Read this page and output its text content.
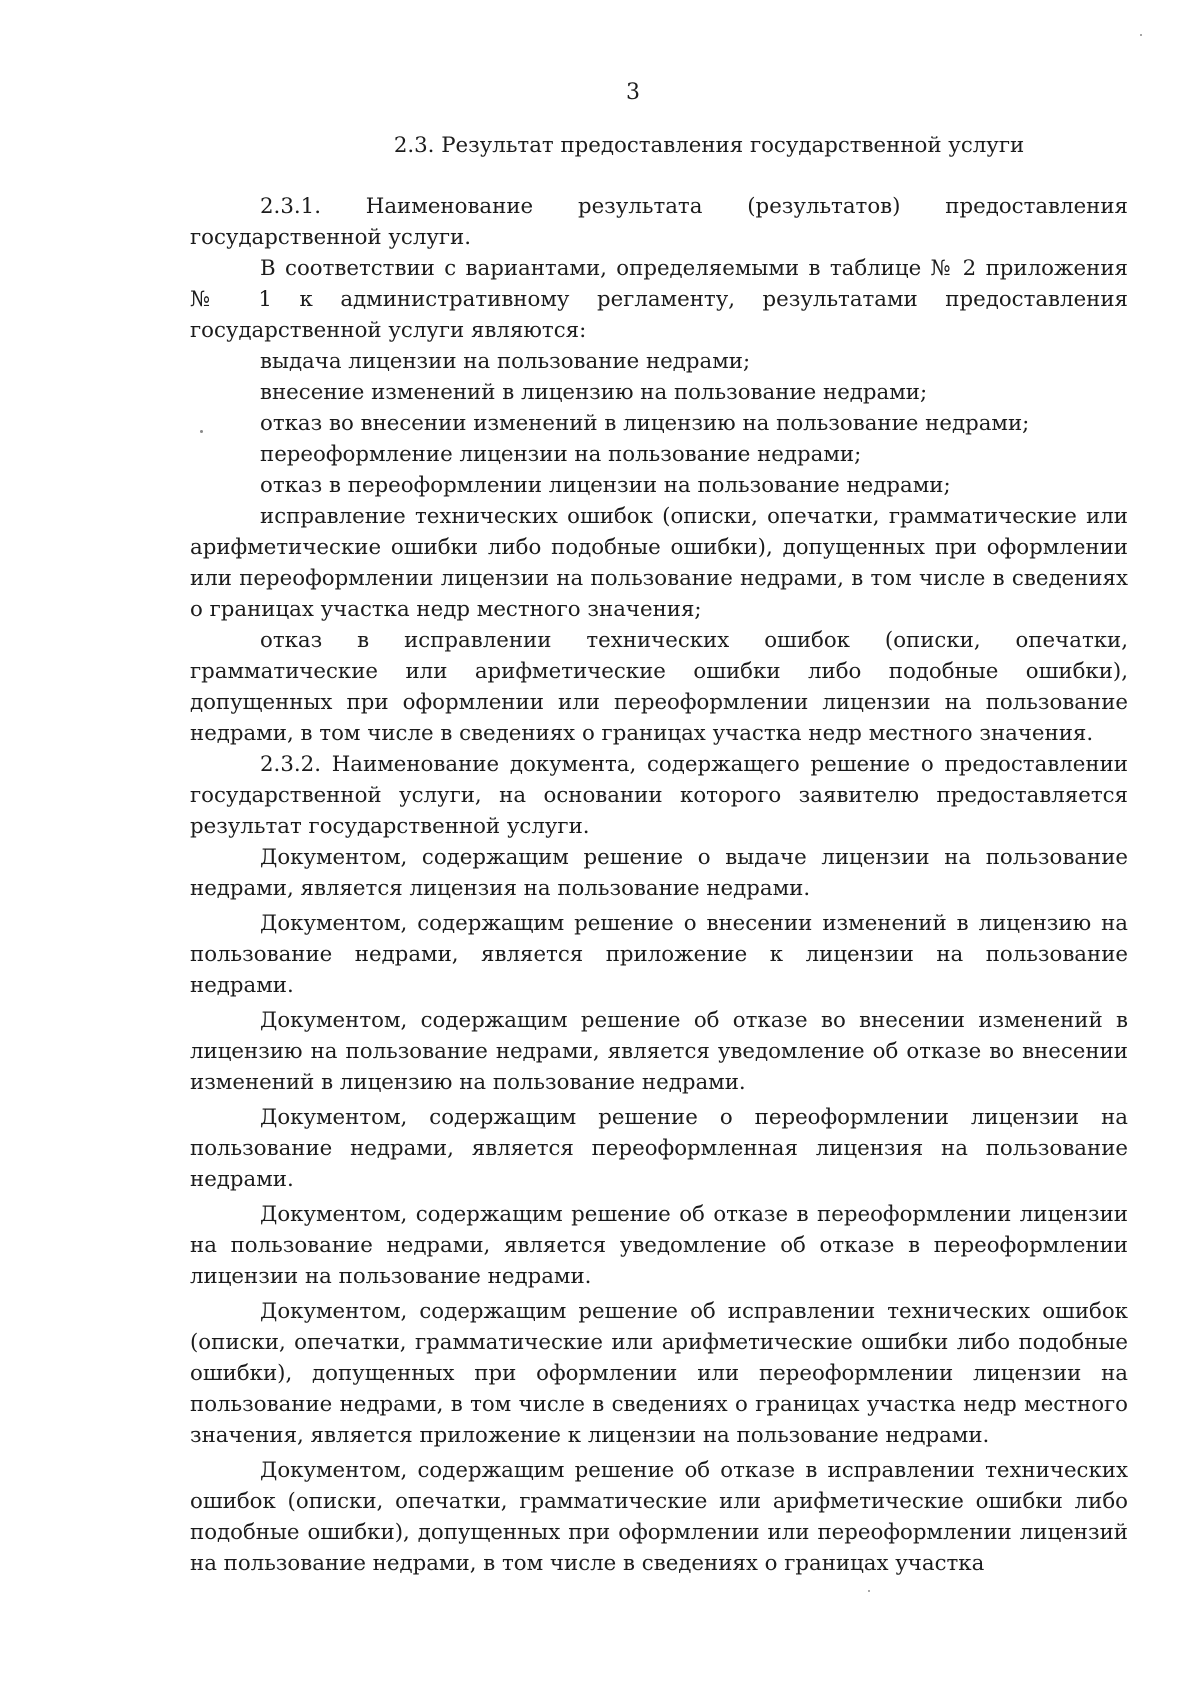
3
2.3. Результат предоставления государственной услуги

2.3.1. Наименование результата (результатов) предоставления государственной услуги.

В соответствии с вариантами, определяемыми в таблице № 2 приложения № 1 к административному регламенту, результатами предоставления государственной услуги являются:

выдача лицензии на пользование недрами;

внесение изменений в лицензию на пользование недрами;

отказ во внесении изменений в лицензию на пользование недрами;

переоформление лицензии на пользование недрами;

отказ в переоформлении лицензии на пользование недрами;

исправление технических ошибок (описки, опечатки, грамматические или арифметические ошибки либо подобные ошибки), допущенных при оформлении или переоформлении лицензии на пользование недрами, в том числе в сведениях о границах участка недр местного значения;

отказ в исправлении технических ошибок (описки, опечатки, грамматические или арифметические ошибки либо подобные ошибки), допущенных при оформлении или переоформлении лицензии на пользование недрами, в том числе в сведениях о границах участка недр местного значения.

2.3.2. Наименование документа, содержащего решение о предоставлении государственной услуги, на основании которого заявителю предоставляется результат государственной услуги.

Документом, содержащим решение о выдаче лицензии на пользование недрами, является лицензия на пользование недрами.

Документом, содержащим решение о внесении изменений в лицензию на пользование недрами, является приложение к лицензии на пользование недрами.

Документом, содержащим решение об отказе во внесении изменений в лицензию на пользование недрами, является уведомление об отказе во внесении изменений в лицензию на пользование недрами.

Документом, содержащим решение о переоформлении лицензии на пользование недрами, является переоформленная лицензия на пользование недрами.

Документом, содержащим решение об отказе в переоформлении лицензии на пользование недрами, является уведомление об отказе в переоформлении лицензии на пользование недрами.

Документом, содержащим решение об исправлении технических ошибок (описки, опечатки, грамматические или арифметические ошибки либо подобные ошибки), допущенных при оформлении или переоформлении лицензии на пользование недрами, в том числе в сведениях о границах участка недр местного значения, является приложение к лицензии на пользование недрами.

Документом, содержащим решение об отказе в исправлении технических ошибок (описки, опечатки, грамматические или арифметические ошибки либо подобные ошибки), допущенных при оформлении или переоформлении лицензий на пользование недрами, в том числе в сведениях о границах участка
